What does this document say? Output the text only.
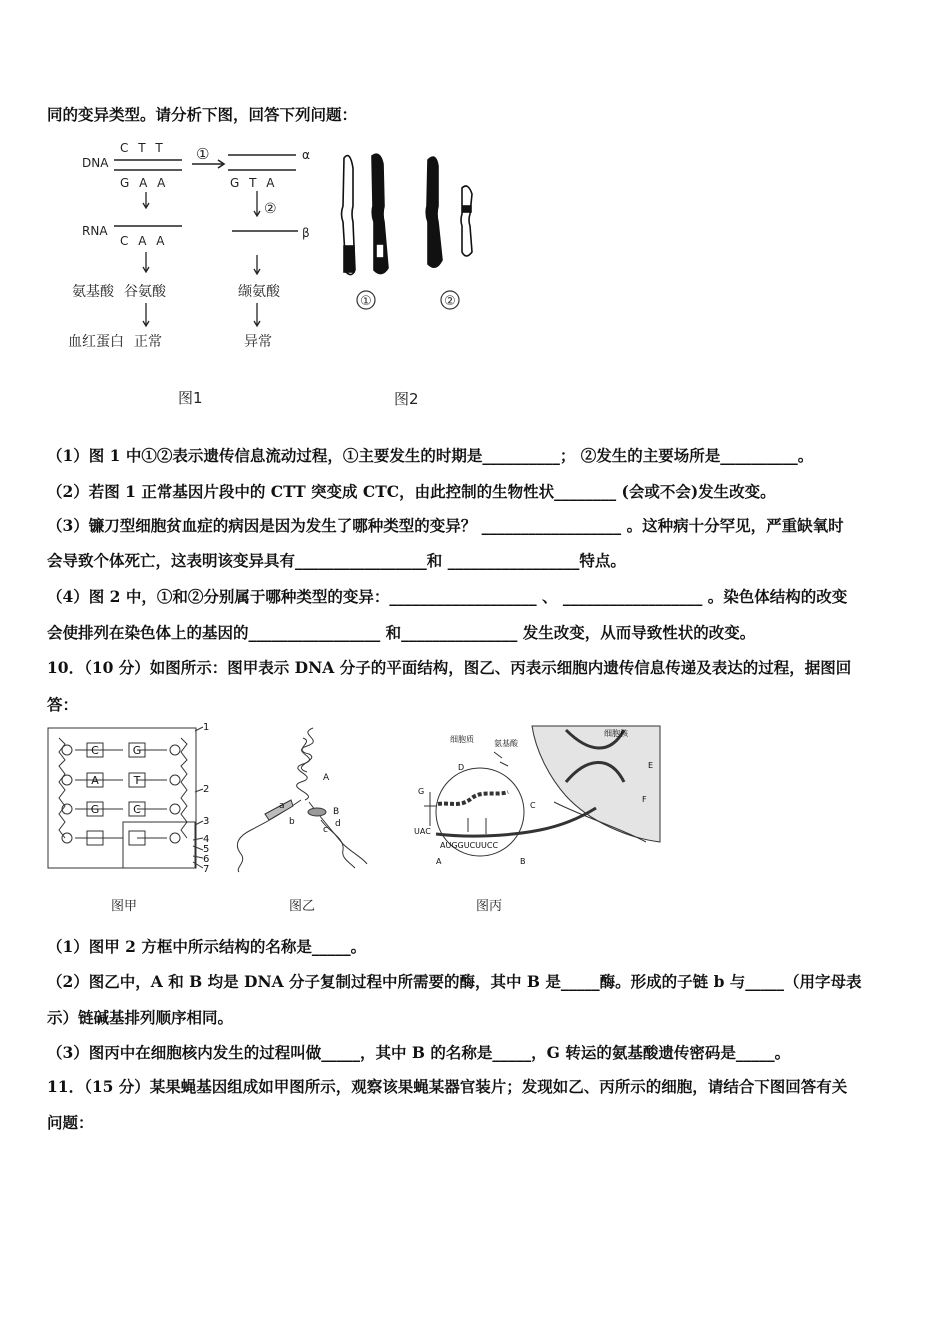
同的变异类型。请分析下图，回答下列问题：
DNA
C T T
G A A
RNA
C A A
①
G T A
α
②
β
氨基酸 谷氨酸	缬氨酸
血红蛋白 正常	异常
图1
①	②
图2
（1）图 1 中①②表示遗传信息流动过程，①主要发生的时期是__________； ②发生的主要场所是__________。
（2）若图 1 正常基因片段中的 CTT 突变成 CTC，由此控制的生物性状________ (会或不会)发生改变。
（3）镰刀型细胞贫血症的病因是因为发生了哪种类型的变异？ __________________ 。这种病十分罕见，严重缺氧时
会导致个体死亡，这表明该变异具有_________________和 _________________特点。
（4）图 2 中，①和②分别属于哪种类型的变异：___________________ 、 __________________ 。染色体结构的改变
会使排列在染色体上的基因的_________________ 和_______________ 发生改变，从而导致性状的改变。
10．（10 分）如图所示：图甲表示 DNA 分子的平面结构，图乙、丙表示细胞内遗传信息传递及表达的过程，据图回
答：
C
A
G
G
T
C
1
2
3
4
5
6
7
图甲
A
B
a
b
c
d
图乙
细胞质
细胞核
氨基酸
D
G
C
A	B
E
F
UAC
AUGGUCUUCC
图丙
（1）图甲 2 方框中所示结构的名称是_____。
（2）图乙中，A 和 B 均是 DNA 分子复制过程中所需要的酶，其中 B 是_____酶。形成的子链 b 与_____（用字母表
示）链碱基排列顺序相同。
（3）图丙中在细胞核内发生的过程叫做_____，其中 B 的名称是_____，G 转运的氨基酸遗传密码是_____。
11．（15 分）某果蝇基因组成如甲图所示，观察该果蝇某器官装片；发现如乙、丙所示的细胞，请结合下图回答有关
问题：
